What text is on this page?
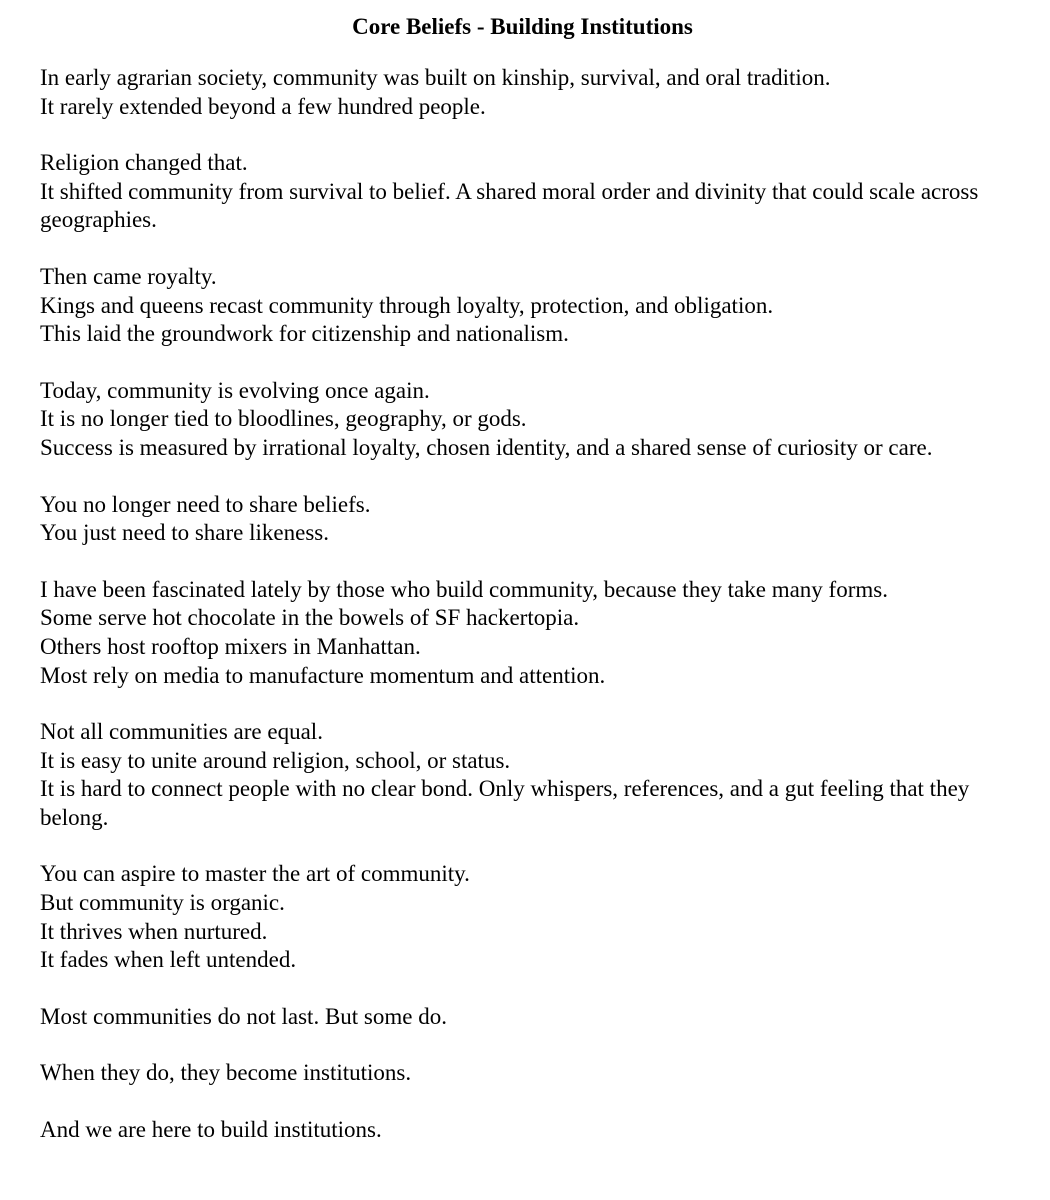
Core Beliefs - Building Institutions
In early agrarian society, community was built on kinship, survival, and oral tradition.
It rarely extended beyond a few hundred people.
Religion changed that.
It shifted community from survival to belief. A shared moral order and divinity that could scale across geographies.
Then came royalty.
Kings and queens recast community through loyalty, protection, and obligation.
This laid the groundwork for citizenship and nationalism.
Today, community is evolving once again.
It is no longer tied to bloodlines, geography, or gods.
Success is measured by irrational loyalty, chosen identity, and a shared sense of curiosity or care.
You no longer need to share beliefs.
You just need to share likeness.
I have been fascinated lately by those who build community, because they take many forms.
Some serve hot chocolate in the bowels of SF hackertopia.
Others host rooftop mixers in Manhattan.
Most rely on media to manufacture momentum and attention.
Not all communities are equal.
It is easy to unite around religion, school, or status.
It is hard to connect people with no clear bond. Only whispers, references, and a gut feeling that they belong.
You can aspire to master the art of community.
But community is organic.
It thrives when nurtured.
It fades when left untended.
Most communities do not last. But some do.
When they do, they become institutions.
And we are here to build institutions.
